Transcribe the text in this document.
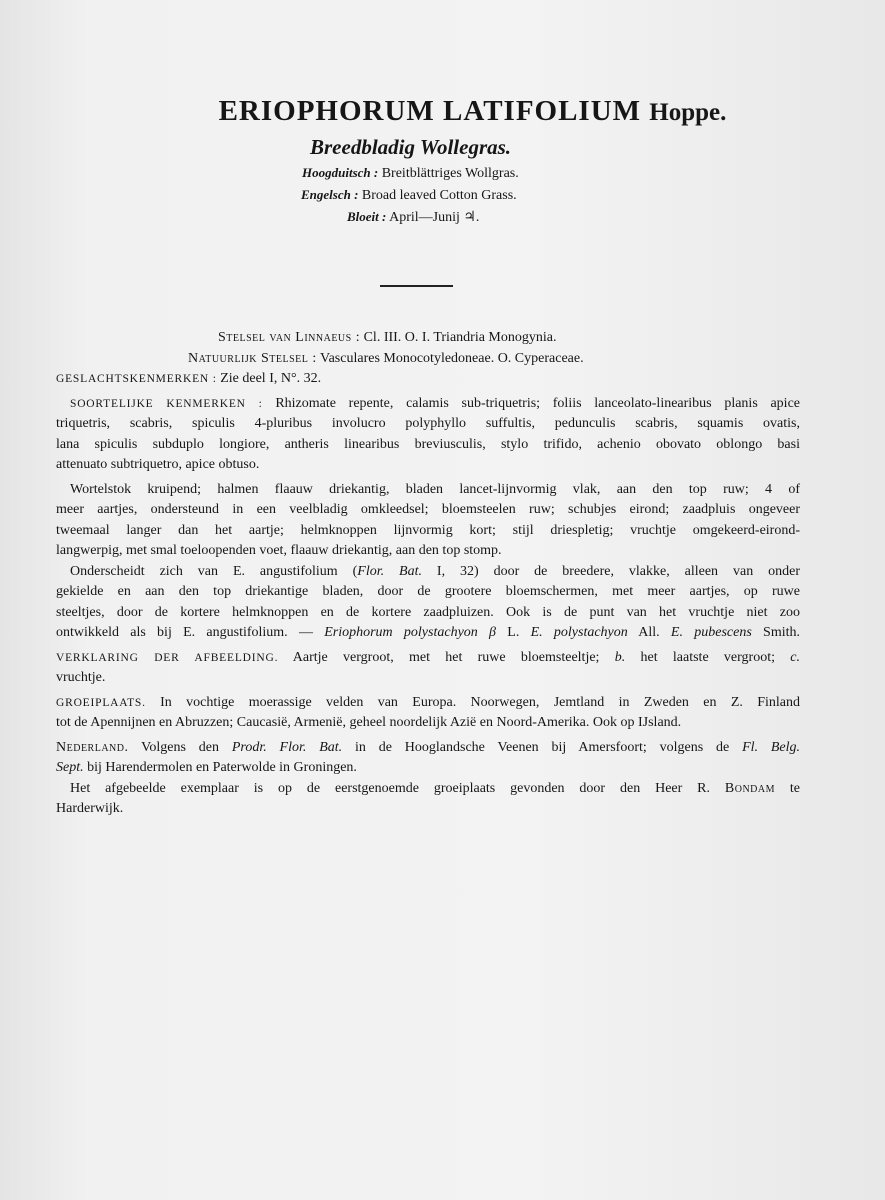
ERIOPHORUM LATIFOLIUM Hoppe.
Breedbladig Wollegras.
Hoogduitsch : Breitblättriges Wollgras.
Engelsch : Broad leaved Cotton Grass.
Bloeit : April—Junij ♃.
Stelsel van Linnaeus : Cl. III. O. I. Triandria Monogynia.
Natuurlijk Stelsel : Vasculares Monocotyledoneae. O. Cyperaceae.
GESLACHTSKENMERKEN : Zie deel I, N°. 32.
SOORTELIJKE KENMERKEN : Rhizomate repente, calamis sub-triquetris; foliis lanceolato-linearibus planis apice
triquetris, scabris, spiculis 4-pluribus involucro polyphyllo suffultis, pedunculis scabris, squamis ovatis,
lana spiculis subduplo longiore, antheris linearibus breviusculis, stylo trifido, achenio obovato oblongo basi
attenuato subtriquetro, apice obtuso.
Wortelstok kruipend; halmen flaauw driekantig, bladen lancet-lijnvormig vlak, aan den top ruw; 4 of
meer aartjes, ondersteund in een veelbladig omkleedsel; bloemsteelen ruw; schubjes eirond; zaadpluis ongeveer
tweemaal langer dan het aartje; helmknoppen lijnvormig kort; stijl driespletig; vruchtje omgekeerd-eirond-
langwerpig, met smal toeloopenden voet, flaauw driekantig, aan den top stomp.
Onderscheidt zich van E. angustifolium (Flor. Bat. I, 32) door de breedere, vlakke, alleen van onder
gekielde en aan den top driekantige bladen, door de grootere bloemschermen, met meer aartjes, op ruwe
steeltjes, door de kortere helmknoppen en de kortere zaadpluizen. Ook is de punt van het vruchtje niet zoo
ontwikkeld als bij E. angustifolium. — Eriophorum polystachyon β L. E. polystachyon All. E. pubescens Smith.
VERKLARING DER AFBEELDING. Aartje vergroot, met het ruwe bloemsteeltje; b. het laatste vergroot; c.
vruchtje.
GROEIPLAATS. In vochtige moerassige velden van Europa. Noorwegen, Jemtland in Zweden en Z. Finland
tot de Apennijnen en Abruzzen; Caucasië, Armenië, geheel noordelijk Azië en Noord-Amerika. Ook op IJsland.
Nederland. Volgens den Prodr. Flor. Bat. in de Hooglandsche Veenen bij Amersfoort; volgens de Fl. Belg.
Sept. bij Harendermolen en Paterwolde in Groningen.
Het afgebeelde exemplaar is op de eerstgenoemde groeiplaats gevonden door den Heer R. Bondam te
Harderwijk.
